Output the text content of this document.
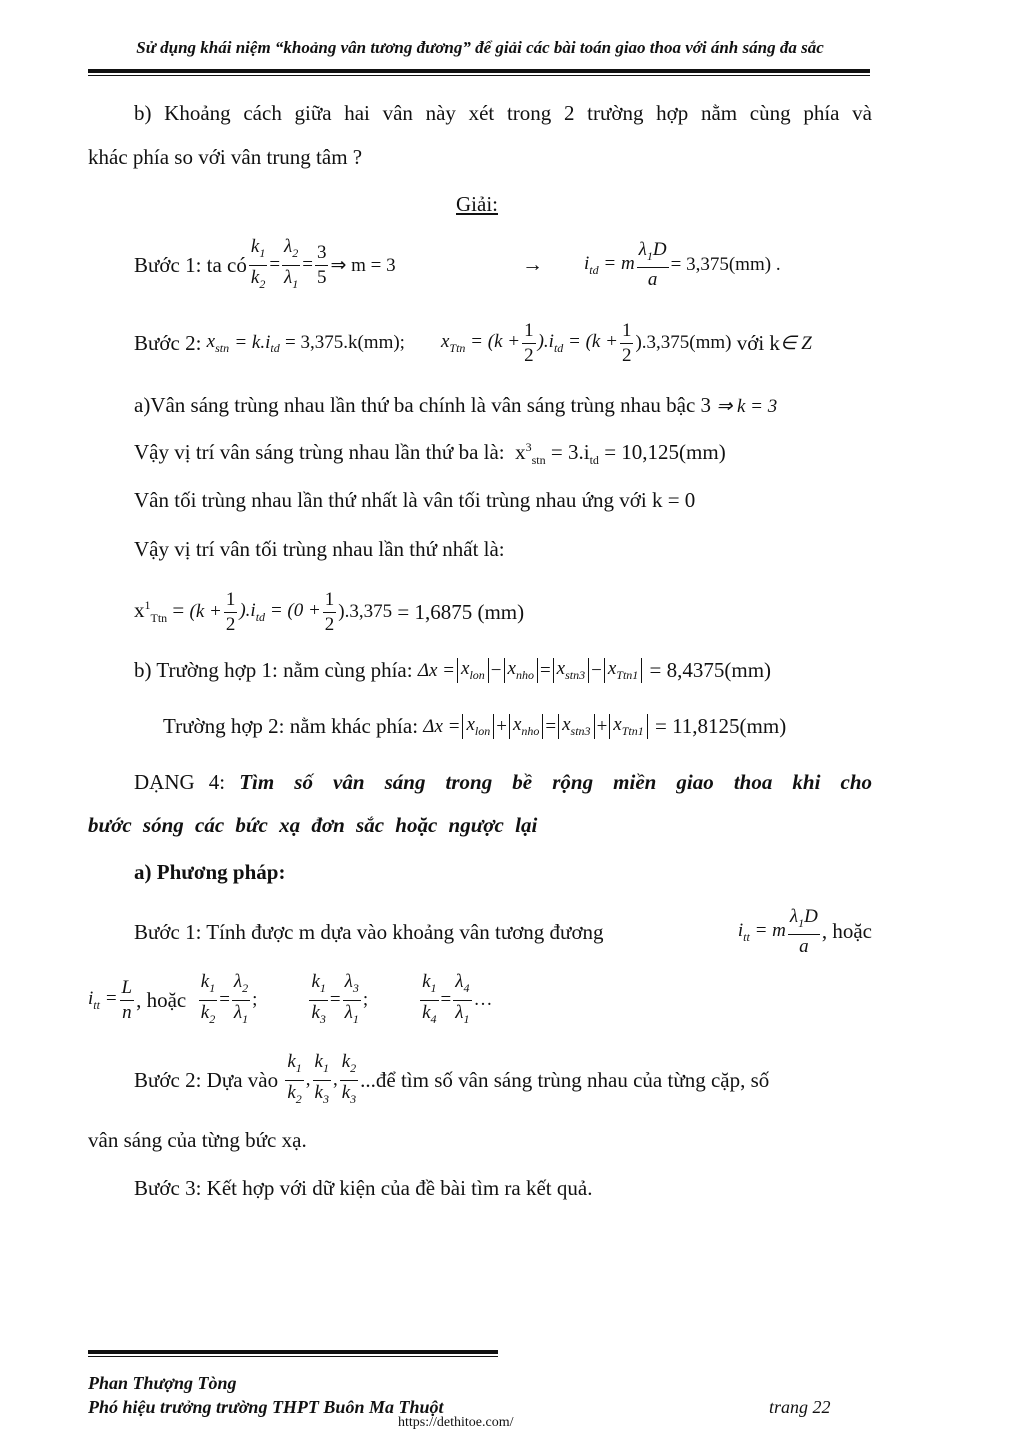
Sử dụng khái niệm “khoảng vân tương đương” để giải các bài toán giao thoa với ánh sáng đa sắc
b) Khoảng cách giữa hai vân này xét trong 2 trường hợp nằm cùng phía và
khác phía so với vân trung tâm ?
Giải:
Bước 1: ta có $\frac{k_1}{k_2} = \frac{\lambda_2}{\lambda_1} = \frac{3}{5}$ ⇒ m = 3	→ $i_{td} = m \frac{\lambda_1D}{a} = 3,375(mm)$ .
Bước 2:
$x_{stn}$
= k.i $_{td}$
= 3,375.k(mm); $x_{Ttn} = (k + \frac{1}{2} ).i_{td} = (k + \frac{1}{2} ).3,375(mm)$
với k ∈ Z
a)Vân sáng trùng nhau lần thứ ba chính là vân sáng trùng nhau bậc 3 ⇒ k = 3
Vậy vị trí vân sáng trùng nhau lần thứ ba là:  $x^3_{stn} = 3.i_{td} = 10,125(mm)$
Vân tối trùng nhau lần thứ nhất là vân tối trùng nhau ứng với k = 0
Vậy vị trí vân tối trùng nhau lần thứ nhất là:
$x^1_{Ttn} = (k + \frac{1}{2} ).i_{td} = (0 + \frac{1}{2} ).3,375$
= 1,6875 (mm)
b) Trường hợp 1: nằm cùng phía:
$\Delta x = x_{lon} - x_{nho} = x_{stn3} - x_{Ttn1}$
= 8,4375(mm)
Trường hợp 2: nằm khác phía:
$\Delta x = x_{lon} + x_{nho} = x_{stn3} + x_{Ttn1}$
= 11,8125(mm)
DẠNG 4: Tìm số vân sáng trong bề rộng miền giao thoa khi cho
bước sóng các bức xạ đơn sắc hoặc ngược lại
a) Phương pháp:
Bước 1: Tính được m dựa vào khoảng vân tương đương	$i_{tt} = m \frac{\lambda_1D}{a}$ , hoặc
$i_{tt} = \frac{L}{n}$ , hoặc
$\frac{k_1}{k_2} = \frac{\lambda_2}{\lambda_1}$ ;	$\frac{k_1}{k_3} = \frac{\lambda_3}{\lambda_1}$ ;	$\frac{k_1}{k_4} = \frac{\lambda_4}{\lambda_1}$ …
Bước 2: Dựa vào
$\frac{k_1}{k_2}$ , $\frac{k_1}{k_3}$ , $\frac{k_2}{k_3}$ ...để tìm số vân sáng trùng nhau của từng cặp, số
vân sáng của từng bức xạ.
Bước 3: Kết hợp với dữ kiện của đề bài tìm ra kết quả.
Phan Thượng Tòng
Phó hiệu trưởng trường THPT Buôn Ma Thuột	trang 22
https://dethitoe.com/
